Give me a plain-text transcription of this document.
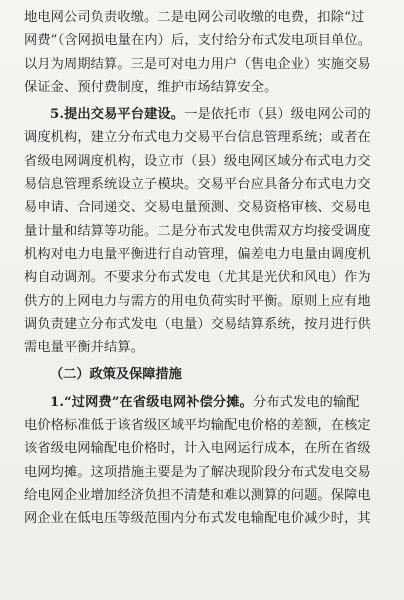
地电网公司负责收缴。二是电网公司收缴的电费，扣除“过
网费”（含网损电量在内）后，支付给分布式发电项目单位。
以月为周期结算。三是可对电力用户（售电企业）实施交易
保证金、预付费制度，维护市场结算安全。
5.提出交易平台建设。一是依托市（县）级电网公司的
调度机构，建立分布式电力交易平台信息管理系统；或者在
省级电网调度机构，设立市（县）级电网区域分布式电力交
易信息管理系统设立子模块。交易平台应具备分布式电力交
易申请、合同递交、交易电量预测、交易资格审核、交易电
量计量和结算等功能。二是分布式发电供需双方均接受调度
机构对电力电量平衡进行自动管理，偏差电力电量由调度机
构自动调剂。不要求分布式发电（尤其是光伏和风电）作为
供方的上网电力与需方的用电负荷实时平衡。原则上应有地
调负责建立分布式发电（电量）交易结算系统，按月进行供
需电量平衡并结算。
（二）政策及保障措施
1.“过网费”在省级电网补偿分摊。分布式发电的输配
电价格标准低于该省级区域平均输配电价格的差额，在核定
该省级电网输配电价格时，计入电网运行成本，在所在省级
电网均摊。这项措施主要是为了解决现阶段分布式发电交易
给电网企业增加经济负担不清楚和难以测算的问题。保障电
网企业在低电压等级范围内分布式发电输配电价减少时，其
